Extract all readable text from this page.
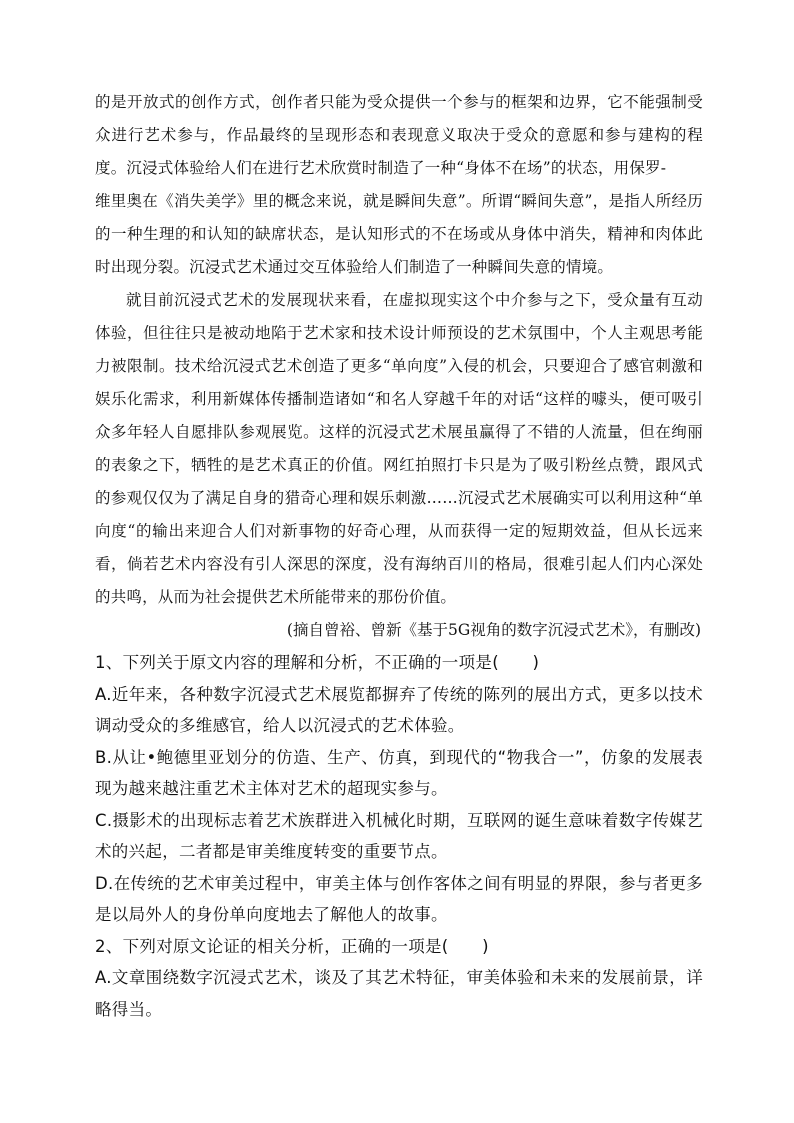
的是开放式的创作方式，创作者只能为受众提供一个参与的框架和边界，它不能强制受众进行艺术参与，作品最终的呈现形态和表现意义取决于受众的意愿和参与建构的程度。沉浸式体验给人们在进行艺术欣赏时制造了一种“身体不在场”的状态，用保罗-

维里奥在《消失美学》里的概念来说，就是瞬间失意”。所谓“瞬间失意”，是指人所经历的一种生理的和认知的缺席状态，是认知形式的不在场或从身体中消失，精神和肉体此时出现分裂。沉浸式艺术通过交互体验给人们制造了一种瞬间失意的情境。

就目前沉浸式艺术的发展现状来看，在虚拟现实这个中介参与之下，受众量有互动体验，但往往只是被动地陷于艺术家和技术设计师预设的艺术氛围中，个人主观思考能力被限制。技术给沉浸式艺术创造了更多“单向度”入侵的机会，只要迎合了感官刺激和娱乐化需求，利用新媒体传播制造诸如“和名人穿越千年的对话“这样的噱头，便可吸引众多年轻人自愿排队参观展览。这样的沉浸式艺术展虽赢得了不错的人流量，但在绚丽的表象之下，牺牲的是艺术真正的价值。网红拍照打卡只是为了吸引粉丝点赞，跟风式的参观仅仅为了满足自身的猎奇心理和娱乐刺激……沉浸式艺术展确实可以利用这种“单向度“的输出来迎合人们对新事物的好奇心理，从而获得一定的短期效益，但从长远来看，倘若艺术内容没有引人深思的深度，没有海纳百川的格局，很难引起人们内心深处的共鸣，从而为社会提供艺术所能带来的那份价值。

(摘自曾裕、曾新《基于5G视角的数字沉浸式艺术》，有删改)

1、下列关于原文内容的理解和分析，不正确的一项是(　　)

A.近年来，各种数字沉浸式艺术展览都摒弃了传统的陈列的展出方式，更多以技术调动受众的多维感官，给人以沉浸式的艺术体验。

B.从让•鲍德里亚划分的仿造、生产、仿真，到现代的“物我合一”，仿象的发展表现为越来越注重艺术主体对艺术的超现实参与。

C.摄影术的出现标志着艺术族群进入机械化时期，互联网的诞生意味着数字传媒艺术的兴起，二者都是审美维度转变的重要节点。

D.在传统的艺术审美过程中，审美主体与创作客体之间有明显的界限，参与者更多是以局外人的身份单向度地去了解他人的故事。

2、下列对原文论证的相关分析，正确的一项是(　　)

A.文章围绕数字沉浸式艺术，谈及了其艺术特征，审美体验和未来的发展前景，详略得当。
